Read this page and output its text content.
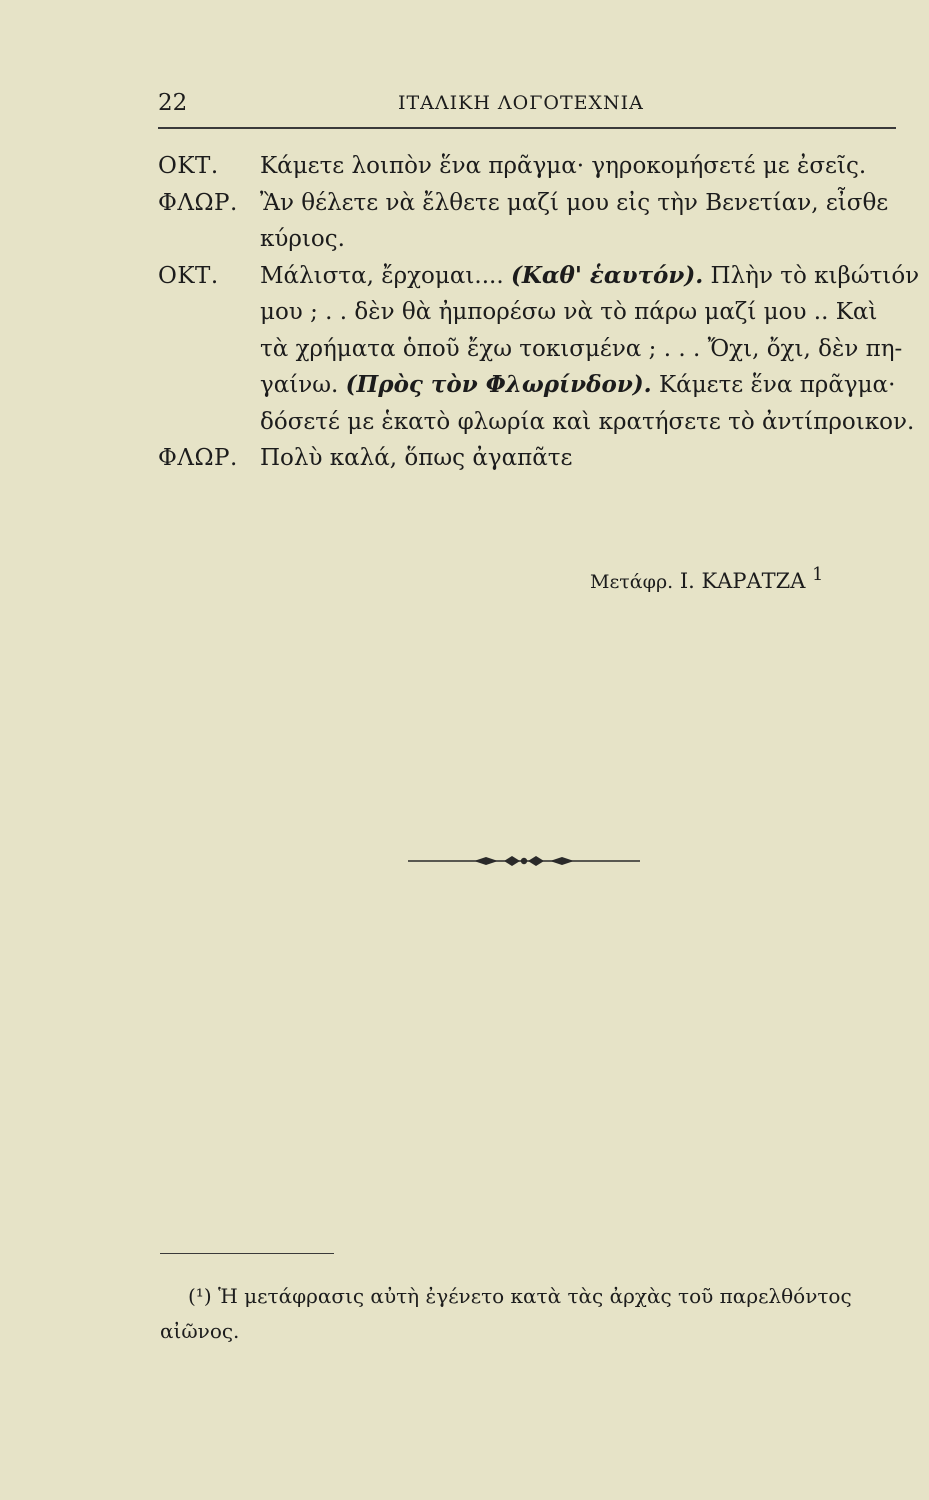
22	ΙΤΑΛΙΚΗ ΛΟΓΟΤΕΧΝΙΑ
ΟΚΤ.	Κάμετε λοιπὸν ἕνα πρᾶγμα· γηροκομήσετέ με ἐσεῖς.
ΦΛΩΡ. Ἂν θέλετε νὰ ἔλθετε μαζί μου εἰς τὴν Βενετίαν, εἶσθε
κύριος.
ΟΚΤ.	Μάλιστα, ἔρχομαι.... (Καθ' ἑαυτόν). Πλὴν τὸ κιβώτιόν
μου ; . . δὲν θὰ ἠμπορέσω νὰ τὸ πάρω μαζί μου .. Καὶ
τὰ χρήματα ὁποῦ ἔχω τοκισμένα ; . . . Ὄχι, ὄχι, δὲν πη-
γαίνω. (Πρὸς τὸν Φλωρίνδον). Κάμετε ἕνα πρᾶγμα·
δόσετέ με ἑκατὸ φλωρία καὶ κρατήσετε τὸ ἀντίπροικον.
ΦΛΩΡ. Πολὺ καλά, ὅπως ἀγαπᾶτε
Μετάφρ. Ι. ΚΑΡΑΤΖΑ $^1$
(¹) Ἡ μετάφρασις αὐτὴ ἐγένετο κατὰ τὰς ἀρχὰς τοῦ παρελθόντος
αἰῶνος.
